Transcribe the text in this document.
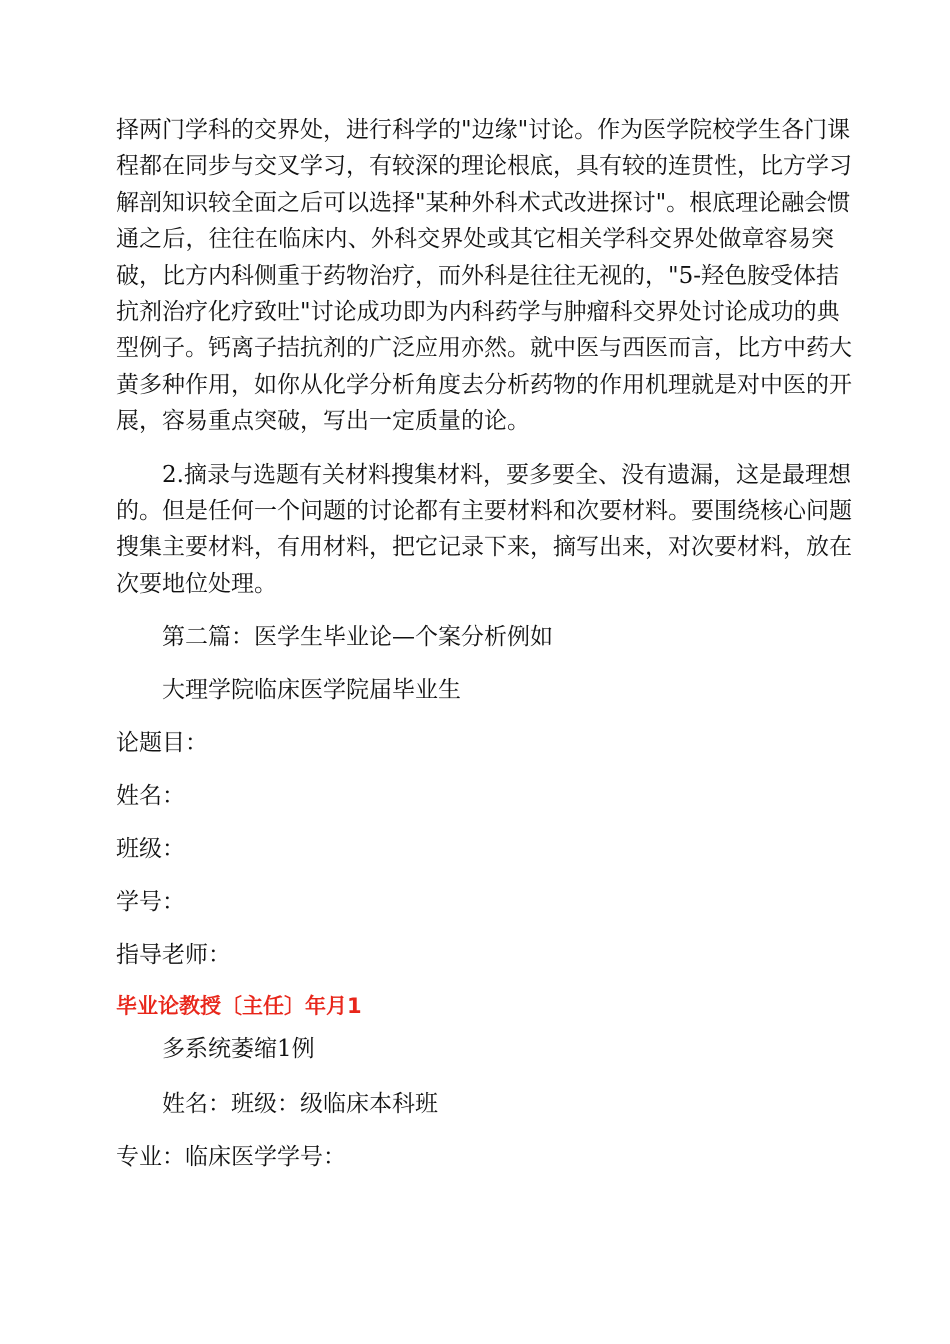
择两门学科的交界处，进行科学的"边缘"讨论。作为医学院校学生各门课
程都在同步与交叉学习，有较深的理论根底，具有较的连贯性，比方学习
解剖知识较全面之后可以选择"某种外科术式改进探讨"。根底理论融会惯
通之后，往往在临床内、外科交界处或其它相关学科交界处做章容易突
破，比方内科侧重于药物治疗，而外科是往往无视的，"5-羟色胺受体拮
抗剂治疗化疗致吐"讨论成功即为内科药学与肿瘤科交界处讨论成功的典
型例子。钙离子拮抗剂的广泛应用亦然。就中医与西医而言，比方中药大
黄多种作用，如你从化学分析角度去分析药物的作用机理就是对中医的开
展，容易重点突破，写出一定质量的论。

2.摘录与选题有关材料搜集材料，要多要全、没有遗漏，这是最理想
的。但是任何一个问题的讨论都有主要材料和次要材料。要围绕核心问题
搜集主要材料，有用材料，把它记录下来，摘写出来，对次要材料，放在
次要地位处理。

第二篇：医学生毕业论—个案分析例如

大理学院临床医学院届毕业生

论题目：

姓名：

班级：

学号：

指导老师：

毕业论教授〔主任〕年月1

多系统萎缩1例

姓名：班级：级临床本科班

专业：临床医学学号：
